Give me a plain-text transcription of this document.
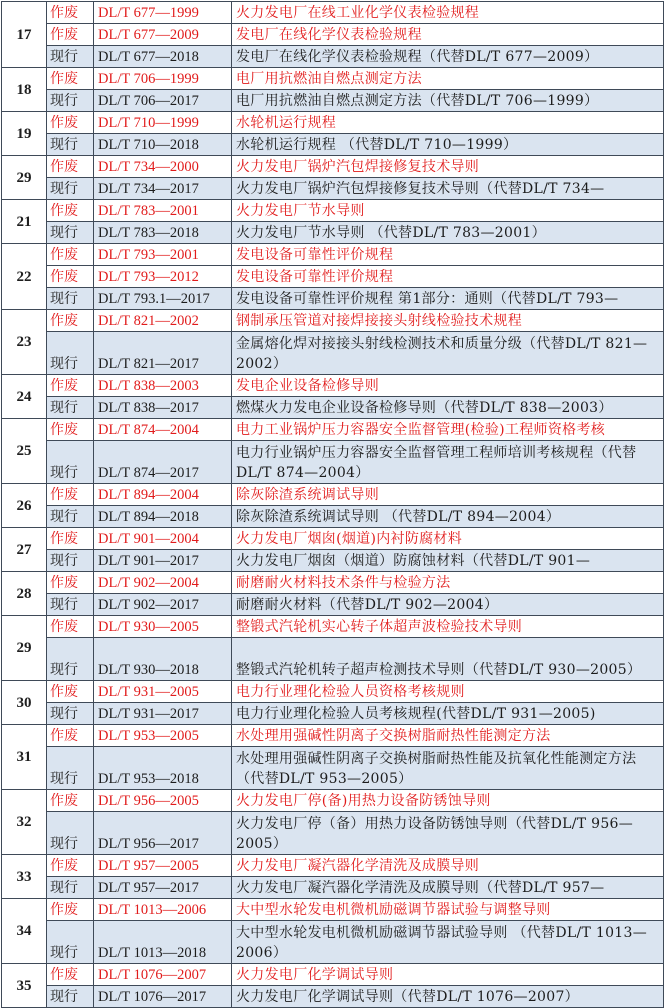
17	作废	DL/T 677—1999	火力发电厂在线工业化学仪表检验规程
	作废	DL/T 677—2009	发电厂在线化学仪表检验规程
	现行	DL/T 677—2018	发电厂在线化学仪表检验规程（代替DL/T 677—2009）
18	作废	DL/T 706—1999	电厂用抗燃油自燃点测定方法
	现行	DL/T 706—2017	电厂用抗燃油自燃点测定方法（代替DL/T 706—1999）
19	作废	DL/T 710—1999	水轮机运行规程
	现行	DL/T 710—2018	水轮机运行规程 （代替DL/T 710—1999）
29	作废	DL/T 734—2000	火力发电厂锅炉汽包焊接修复技术导则
	现行	DL/T 734—2017	火力发电厂锅炉汽包焊接修复技术导则（代替DL/T 734—
21	作废	DL/T 783—2001	火力发电厂节水导则
	现行	DL/T 783—2018	火力发电厂节水导则 （代替DL/T 783—2001）
22	作废	DL/T 793—2001	发电设备可靠性评价规程
	作废	DL/T 793—2012	发电设备可靠性评价规程
	现行	DL/T 793.1—2017	发电设备可靠性评价规程 第1部分：通则（代替DL/T 793—
23	作废	DL/T 821—2002	钢制承压管道对接焊接接头射线检验技术规程
	现行	DL/T 821—2017	金属熔化焊对接接头射线检测技术和质量分级（代替DL/T 821—2002）
24	作废	DL/T 838—2003	发电企业设备检修导则
	现行	DL/T 838—2017	燃煤火力发电企业设备检修导则（代替DL/T 838—2003）
25	作废	DL/T 874—2004	电力工业锅炉压力容器安全监督管理(检验)工程师资格考核
	现行	DL/T 874—2017	电力行业锅炉压力容器安全监督管理工程师培训考核规程（代替DL/T 874—2004）
26	作废	DL/T 894—2004	除灰除渣系统调试导则
	现行	DL/T 894—2018	除灰除渣系统调试导则 （代替DL/T 894—2004）
27	作废	DL/T 901—2004	火力发电厂烟囱(烟道)内衬防腐材料
	现行	DL/T 901—2017	火力发电厂烟囱（烟道）防腐蚀材料（代替DL/T 901—
28	作废	DL/T 902—2004	耐磨耐火材料技术条件与检验方法
	现行	DL/T 902—2017	耐磨耐火材料（代替DL/T 902—2004）
29	作废	DL/T 930—2005	整锻式汽轮机实心转子体超声波检验技术导则
	现行	DL/T 930—2018	整锻式汽轮机转子超声检测技术导则（代替DL/T 930—2005）
30	作废	DL/T 931—2005	电力行业理化检验人员资格考核规则
	现行	DL/T 931—2017	电力行业理化检验人员考核规程(代替DL/T 931—2005)
31	作废	DL/T 953—2005	水处理用强碱性阴离子交换树脂耐热性能测定方法
	现行	DL/T 953—2018	水处理用强碱性阴离子交换树脂耐热性能及抗氧化性能测定方法（代替DL/T 953—2005）
32	作废	DL/T 956—2005	火力发电厂停(备)用热力设备防锈蚀导则
	现行	DL/T 956—2017	火力发电厂停（备）用热力设备防锈蚀导则（代替DL/T 956—2005）
33	作废	DL/T 957—2005	火力发电厂凝汽器化学清洗及成膜导则
	现行	DL/T 957—2017	火力发电厂凝汽器化学清洗及成膜导则（代替DL/T 957—
34	作废	DL/T 1013—2006	大中型水轮发电机微机励磁调节器试验与调整导则
	现行	DL/T 1013—2018	大中型水轮发电机微机励磁调节器试验导则 （代替DL/T 1013—2006）
35	作废	DL/T 1076—2007	火力发电厂化学调试导则
	现行	DL/T 1076—2017	火力发电厂化学调试导则（代替DL/T 1076—2007）
